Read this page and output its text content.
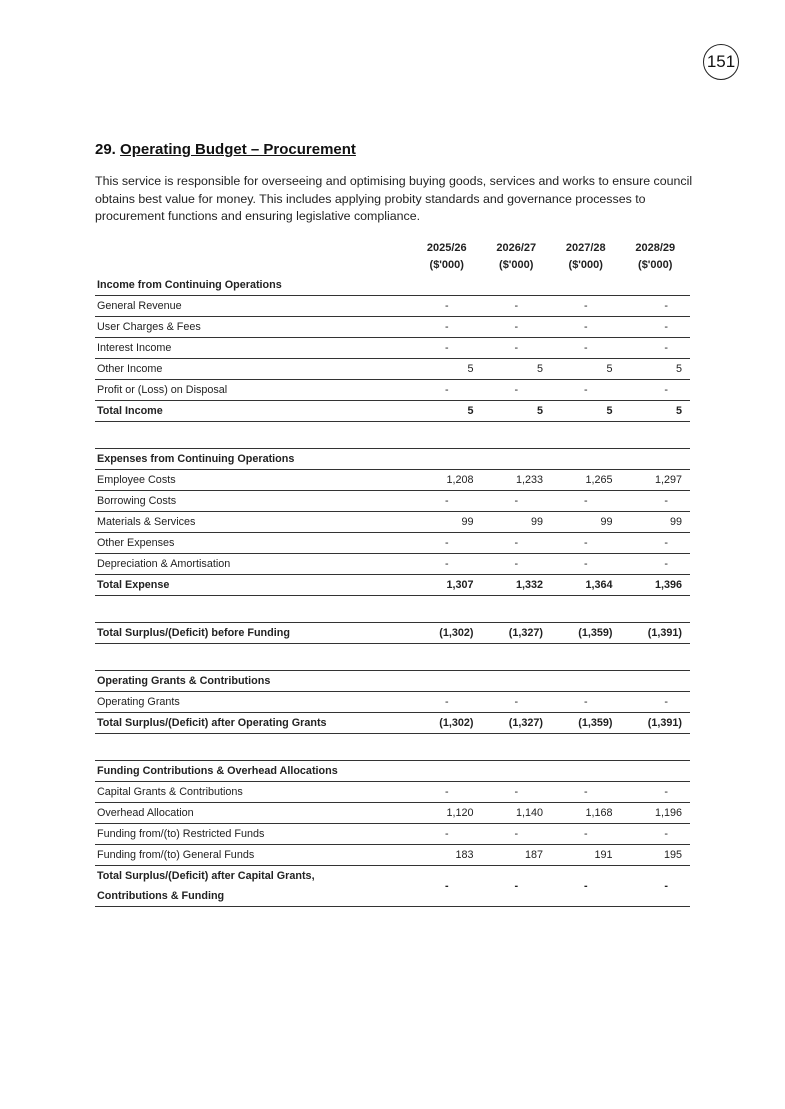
151
29. Operating Budget – Procurement

This service is responsible for overseeing and optimising buying goods, services and works to ensure council obtains best value for money. This includes applying probity standards and governance processes to procurement functions and ensuring legislative compliance.

	2025/26	2026/27	2027/28	2028/29
	($'000)	($'000)	($'000)	($'000)
Income from Continuing Operations				
General Revenue	-	-	-	-
User Charges & Fees	-	-	-	-
Interest Income	-	-	-	-
Other Income	5	5	5	5
Profit or (Loss) on Disposal	-	-	-	-
Total Income	5	5	5	5

Expenses from Continuing Operations				
Employee Costs	1,208	1,233	1,265	1,297
Borrowing Costs	-	-	-	-
Materials & Services	99	99	99	99
Other Expenses	-	-	-	-
Depreciation & Amortisation	-	-	-	-
Total Expense	1,307	1,332	1,364	1,396

Total Surplus/(Deficit) before Funding	(1,302)	(1,327)	(1,359)	(1,391)

Operating Grants & Contributions				
Operating Grants	-	-	-	-
Total Surplus/(Deficit) after Operating Grants	(1,302)	(1,327)	(1,359)	(1,391)

Funding Contributions & Overhead Allocations				
Capital Grants & Contributions	-	-	-	-
Overhead Allocation	1,120	1,140	1,168	1,196
Funding from/(to) Restricted Funds	-	-	-	-
Funding from/(to) General Funds	183	187	191	195
Total Surplus/(Deficit) after Capital Grants,
Contributions & Funding	-	-	-	-
